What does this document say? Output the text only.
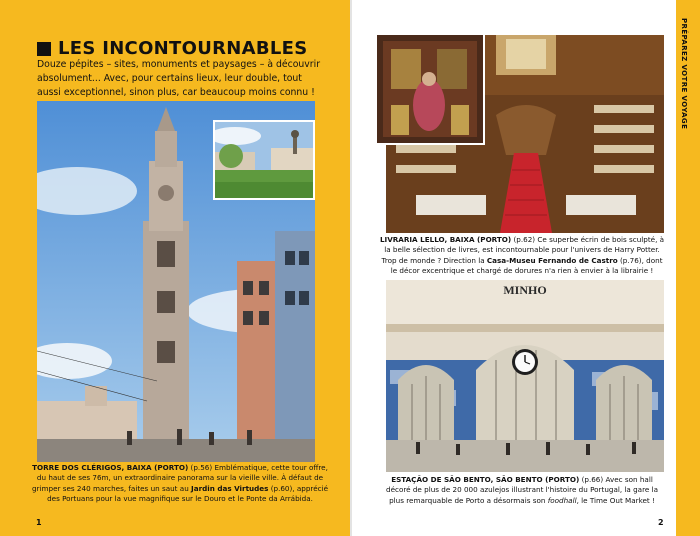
LES INCONTOURNABLES
Douze pépites – sites, monuments et paysages – à découvrir absolument... Avec, pour certains lieux, leur double, tout aussi exceptionnel, sinon plus, car beaucoup moins connu !
TORRE DOS CLÉRIGOS, BAIXA (PORTO) (p.56) Emblématique, cette tour offre, du haut de ses 76m, un extraordinaire panorama sur la vieille ville. À défaut de grimper ses 240 marches, faites un saut au Jardin das Virtudes (p.60), apprécié des Portuans pour la vue magnifique sur le Douro et le Ponte da Arrábida.
1
LIVRARIA LELLO, BAIXA (PORTO) (p.62) Ce superbe écrin de bois sculpté, à la belle sélection de livres, est incontournable pour l'univers de Harry Potter. Trop de monde ? Direction la Casa-Museu Fernando de Castro (p.76), dont le décor excentrique et chargé de dorures n'a rien à envier à la librairie !
MINHO
ESTAÇÃO DE SÃO BENTO, SÃO BENTO (PORTO) (p.66) Avec son hall décoré de plus de 20 000 azulejos illustrant l'histoire du Portugal, la gare la plus remarquable de Porto a désormais son foodhall, le Time Out Market !
2
PRÉPAREZ VOTRE VOYAGE
